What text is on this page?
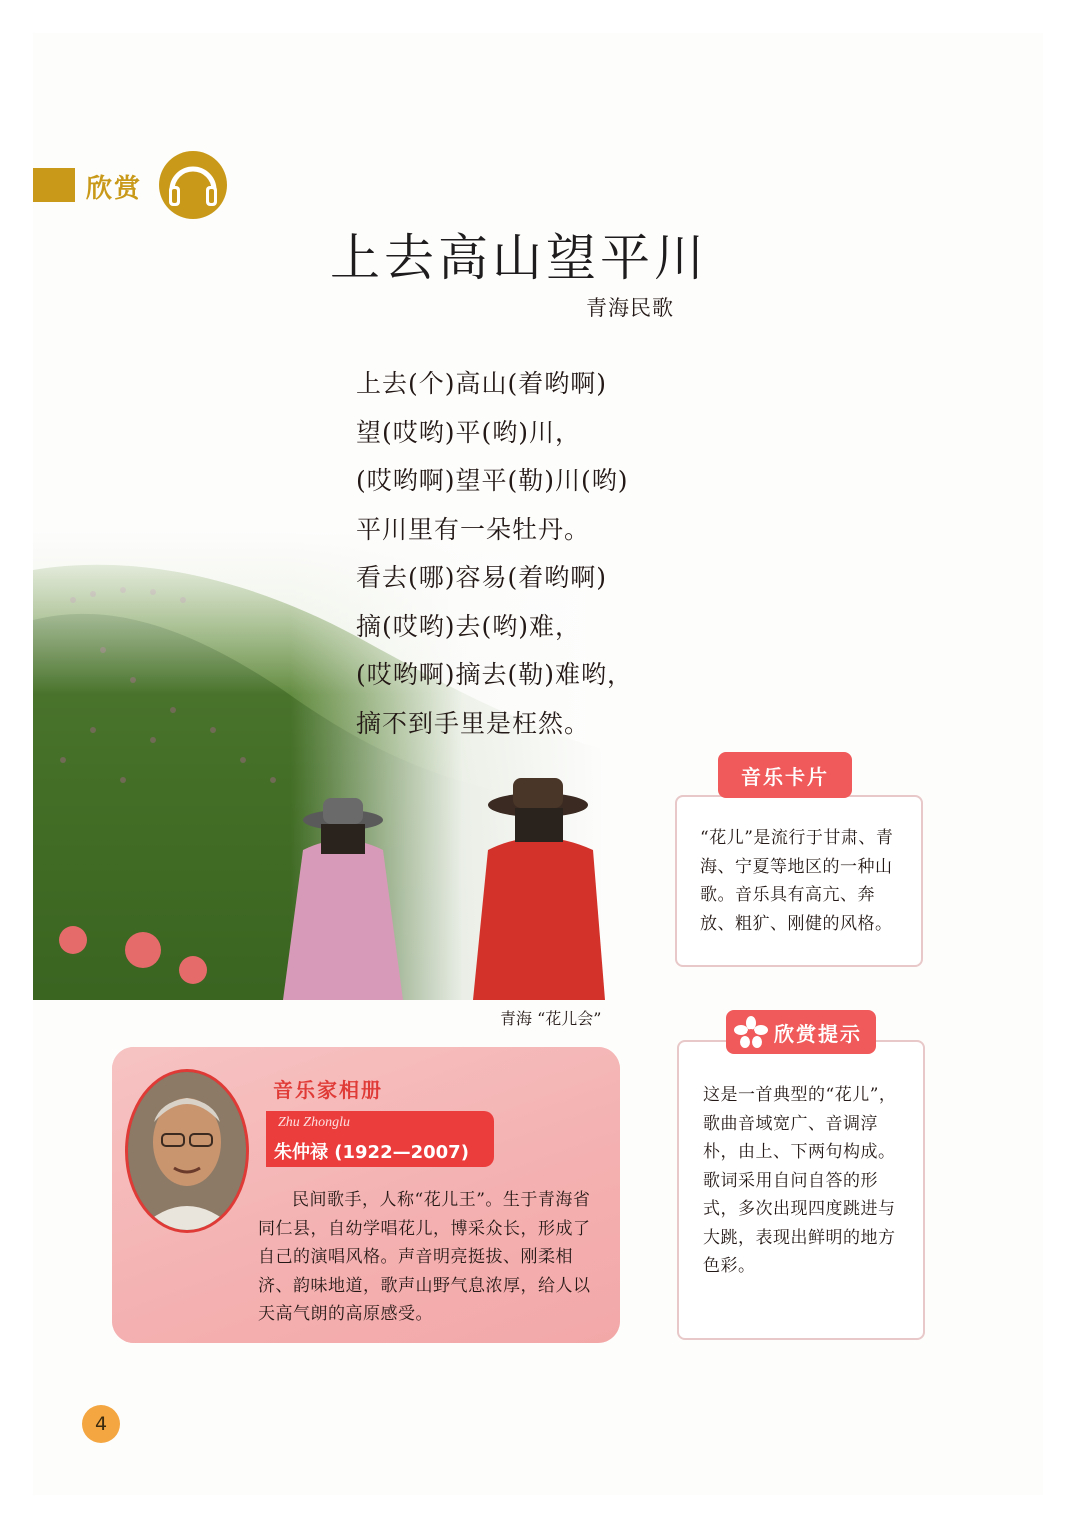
欣赏
上去高山望平川
青海民歌
上去(个)高山(着哟啊)
望(哎哟)平(哟)川，
(哎哟啊)望平(勒)川(哟)
平川里有一朵牡丹。
看去(哪)容易(着哟啊)
摘(哎哟)去(哟)难，
(哎哟啊)摘去(勒)难哟，
摘不到手里是枉然。
青海 “花儿会”
音乐卡片
“花儿”是流行于甘肃、青海、宁夏等地区的一种山歌。音乐具有高亢、奔放、粗犷、刚健的风格。
欣赏提示
这是一首典型的“花儿”，歌曲音域宽广、音调淳朴，由上、下两句构成。歌词采用自问自答的形式，多次出现四度跳进与大跳，表现出鲜明的地方色彩。
音乐家相册
Zhu Zhonglu
朱仲禄 (1922—2007)
民间歌手，人称“花儿王”。生于青海省同仁县，自幼学唱花儿，博采众长，形成了自己的演唱风格。声音明亮挺拔、刚柔相济、韵味地道，歌声山野气息浓厚，给人以天高气朗的高原感受。
4
